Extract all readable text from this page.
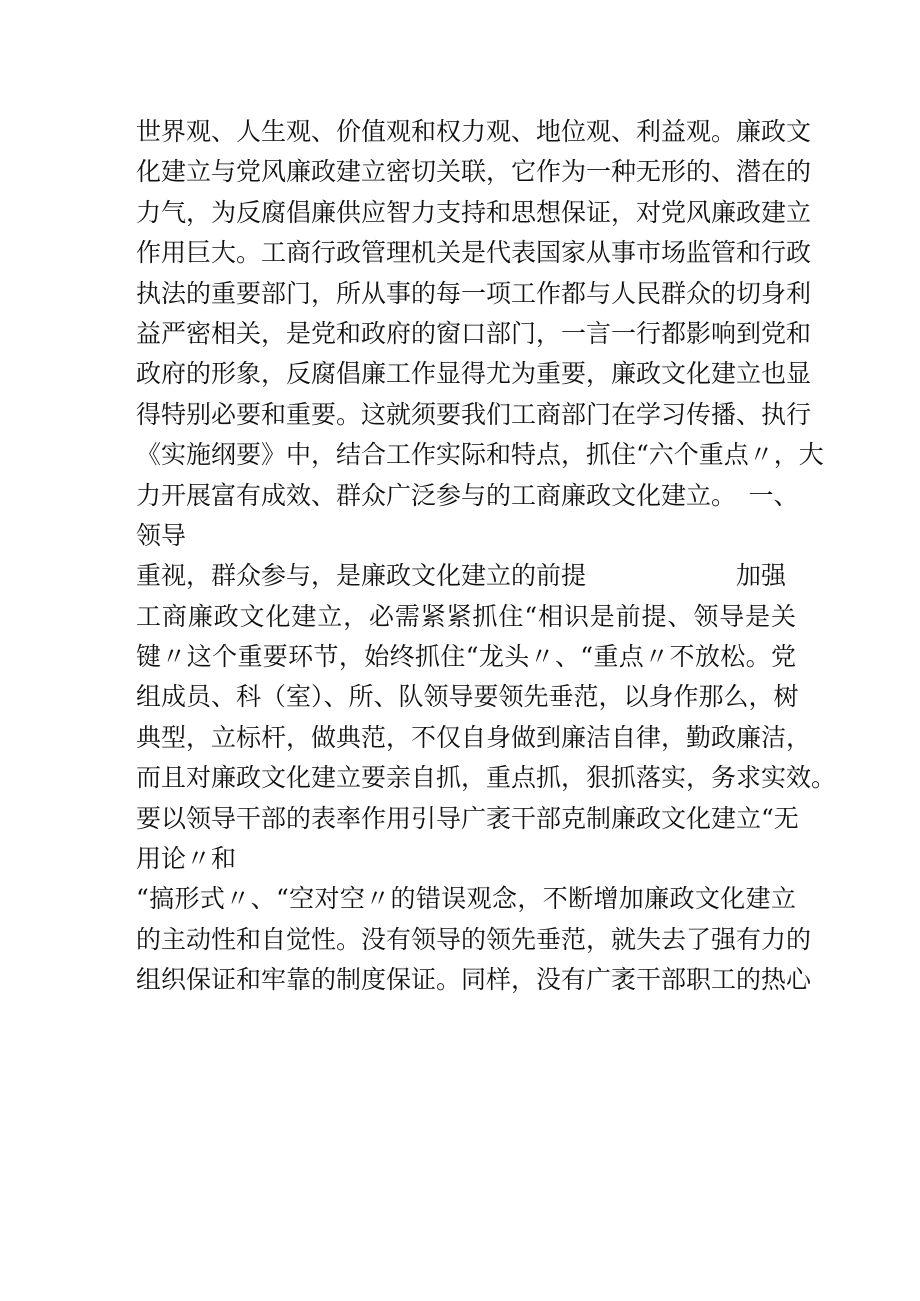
世界观、人生观、价值观和权力观、地位观、利益观。廉政文
化建立与党风廉政建立密切关联，它作为一种无形的、潜在的
力气，为反腐倡廉供应智力支持和思想保证，对党风廉政建立
作用巨大。工商行政管理机关是代表国家从事市场监管和行政
执法的重要部门，所从事的每一项工作都与人民群众的切身利
益严密相关，是党和政府的窗口部门，一言一行都影响到党和
政府的形象，反腐倡廉工作显得尤为重要，廉政文化建立也显
得特别必要和重要。这就须要我们工商部门在学习传播、执行
《实施纲要》中，结合工作实际和特点，抓住“六个重点〃，大
力开展富有成效、群众广泛参与的工商廉政文化建立。　一、
领导
重视，群众参与，是廉政文化建立的前提　　　　　　加强
工商廉政文化建立，必需紧紧抓住“相识是前提、领导是关
键〃这个重要环节，始终抓住“龙头〃、“重点〃不放松。党
组成员、科（室）、所、队领导要领先垂范，以身作那么，树
典型，立标杆，做典范，不仅自身做到廉洁自律，勤政廉洁，
而且对廉政文化建立要亲自抓，重点抓，狠抓落实，务求实效。
要以领导干部的表率作用引导广袤干部克制廉政文化建立“无
用论〃和
“搞形式〃、“空对空〃的错误观念，不断增加廉政文化建立
的主动性和自觉性。没有领导的领先垂范，就失去了强有力的
组织保证和牢靠的制度保证。同样，没有广袤干部职工的热心
